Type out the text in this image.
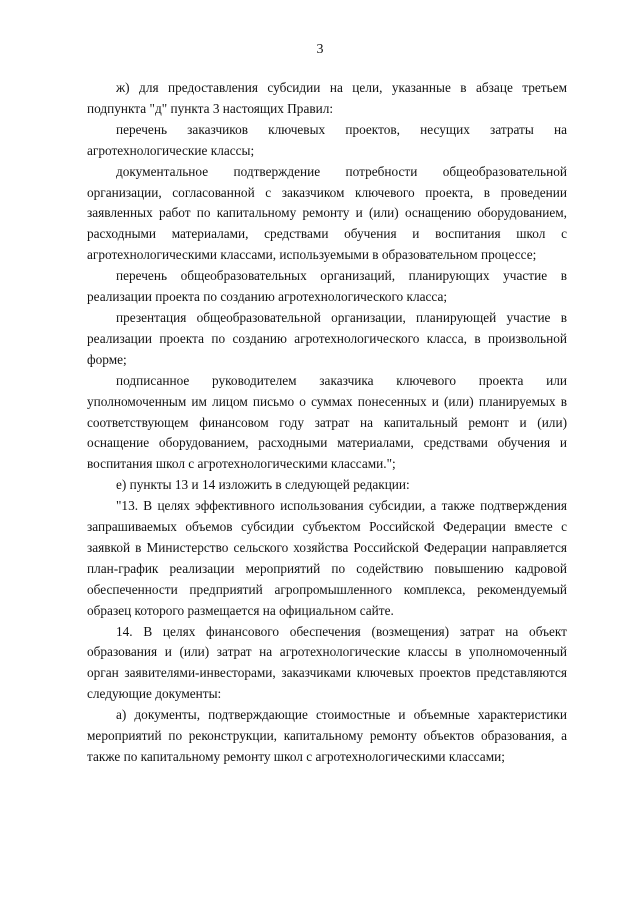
3

ж) для предоставления субсидии на цели, указанные в абзаце третьем подпункта "д" пункта 3 настоящих Правил:

перечень заказчиков ключевых проектов, несущих затраты на агротехнологические классы;

документальное подтверждение потребности общеобразовательной организации, согласованной с заказчиком ключевого проекта, в проведении заявленных работ по капитальному ремонту и (или) оснащению оборудованием, расходными материалами, средствами обучения и воспитания школ с агротехнологическими классами, используемыми в образовательном процессе;

перечень общеобразовательных организаций, планирующих участие в реализации проекта по созданию агротехнологического класса;

презентация общеобразовательной организации, планирующей участие в реализации проекта по созданию агротехнологического класса, в произвольной форме;

подписанное руководителем заказчика ключевого проекта или уполномоченным им лицом письмо о суммах понесенных и (или) планируемых в соответствующем финансовом году затрат на капитальный ремонт и (или) оснащение оборудованием, расходными материалами, средствами обучения и воспитания школ с агротехнологическими классами.";

е) пункты 13 и 14 изложить в следующей редакции:

"13. В целях эффективного использования субсидии, а также подтверждения запрашиваемых объемов субсидии субъектом Российской Федерации вместе с заявкой в Министерство сельского хозяйства Российской Федерации направляется план-график реализации мероприятий по содействию повышению кадровой обеспеченности предприятий агропромышленного комплекса, рекомендуемый образец которого размещается на официальном сайте.

14. В целях финансового обеспечения (возмещения) затрат на объект образования и (или) затрат на агротехнологические классы в уполномоченный орган заявителями-инвесторами, заказчиками ключевых проектов представляются следующие документы:

а) документы, подтверждающие стоимостные и объемные характеристики мероприятий по реконструкции, капитальному ремонту объектов образования, а также по капитальному ремонту школ с агротехнологическими классами;
